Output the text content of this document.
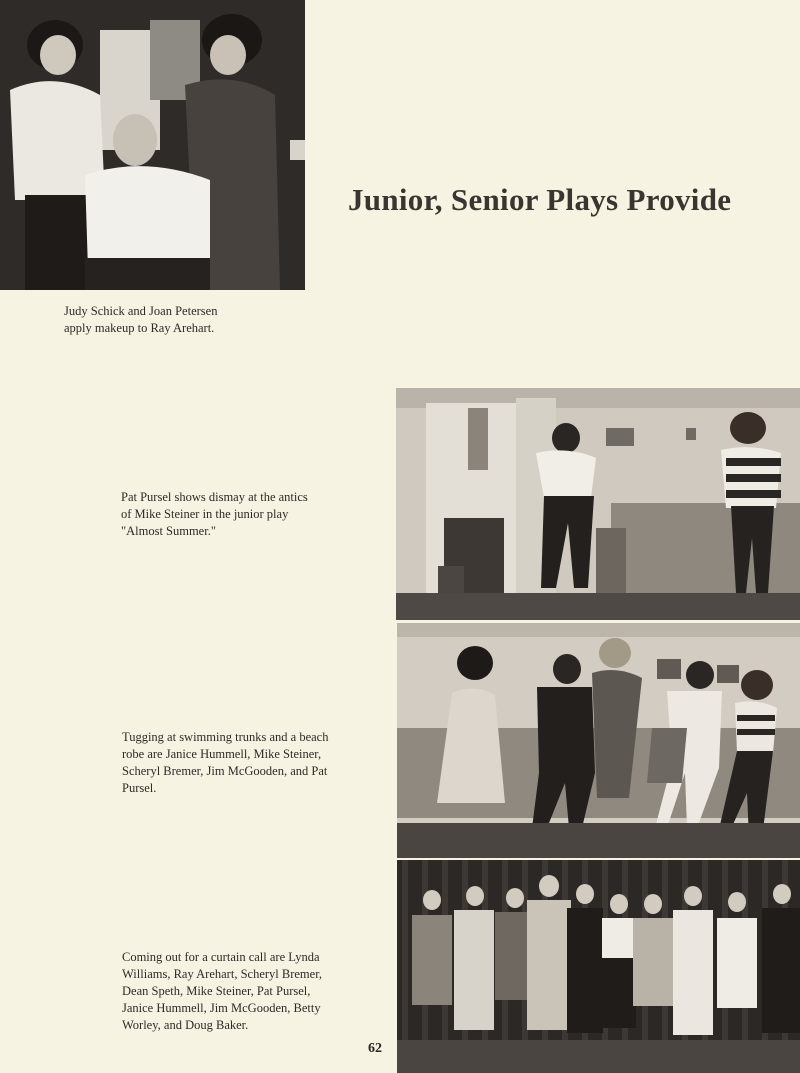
Judy Schick and Joan Petersen
apply makeup to Ray Arehart.

Junior, Senior Plays Provide

Pat Pursel shows dismay at the antics
of Mike Steiner in the junior play
"Almost Summer."

Tugging at swimming trunks and a beach
robe are Janice Hummell, Mike Steiner,
Scheryl Bremer, Jim McGooden, and Pat
Pursel.

Coming out for a curtain call are Lynda
Williams, Ray Arehart, Scheryl Bremer,
Dean Speth, Mike Steiner, Pat Pursel,
Janice Hummell, Jim McGooden, Betty
Worley, and Doug Baker.

62
